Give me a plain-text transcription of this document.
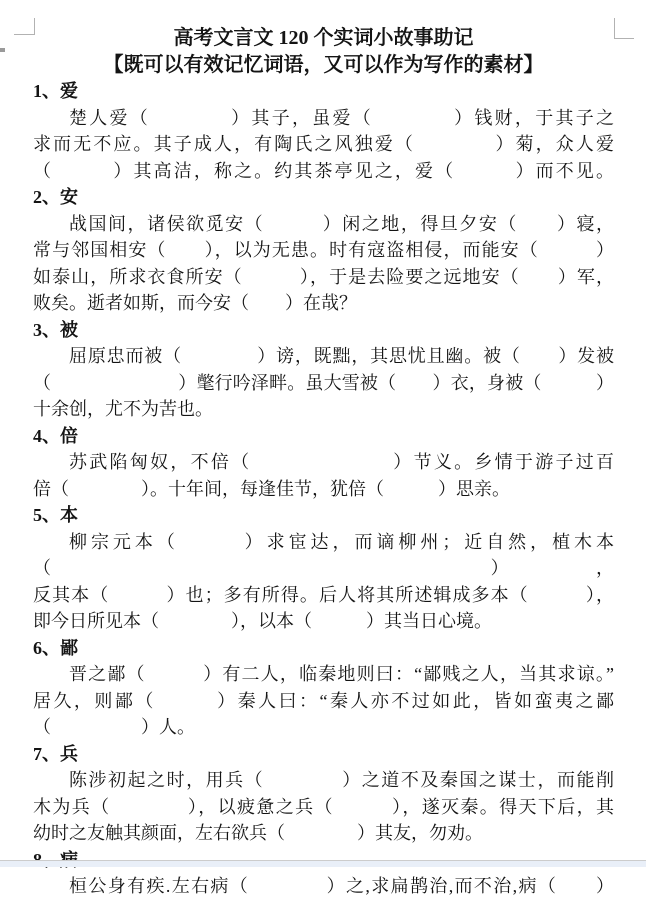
高考文言文 120 个实词小故事助记
【既可以有效记忆词语，又可以作为写作的素材】
1、爱
楚人爱（　　　　）其子，虽爱（　　　　）钱财，于其子之
求而无不应。其子成人，有陶氏之风独爱（　　　　）菊，众人爱
（　　　）其高洁，称之。约其茶亭见之，爱（　　　）而不见。
2、安
战国间，诸侯欲觅安（　　　）闲之地，得旦夕安（　　）寝，
常与邻国相安（　　），以为无患。时有寇盗相侵，而能安（　　　）
如泰山，所求衣食所安（　　　），于是去险要之远地安（　　）军，
败矣。逝者如斯，而今安（　　）在哉？
3、被
屈原忠而被（　　　　）谤，既黜，其思忧且幽。被（　　）发被
（　　　　　　　）氅行吟泽畔。虽大雪被（　　）衣，身被（　　　）
十余创，尤不为苦也。
4、倍
苏武陷匈奴，不倍（　　　　　　　）节义。乡情于游子过百
倍（　　　　）。十年间，每逢佳节，犹倍（　　　）思亲。
5、本
柳宗元本（　　　）求宦达，而谪柳州；近自然，植木本（　　　），
反其本（　　　）也；多有所得。后人将其所述辑成多本（　　　），
即今日所见本（　　　　），以本（　　　）其当日心境。
6、鄙
晋之鄙（　　　）有二人，临秦地则曰：“鄙贱之人，当其求谅。”
居久，则鄙（　　　）秦人曰：“秦人亦不过如此，皆如蛮夷之鄙
（　　　　　）人。
7、兵
陈涉初起之时，用兵（　　　　）之道不及秦国之谋士，而能削
木为兵（　　　　），以疲惫之兵（　　　），遂灭秦。得天下后，其
幼时之友触其颜面，左右欲兵（　　　　）其友，勿劝。
桓公身有疾.左右病（　　　　）之,求扁鹊治,而不治,病（　　）
